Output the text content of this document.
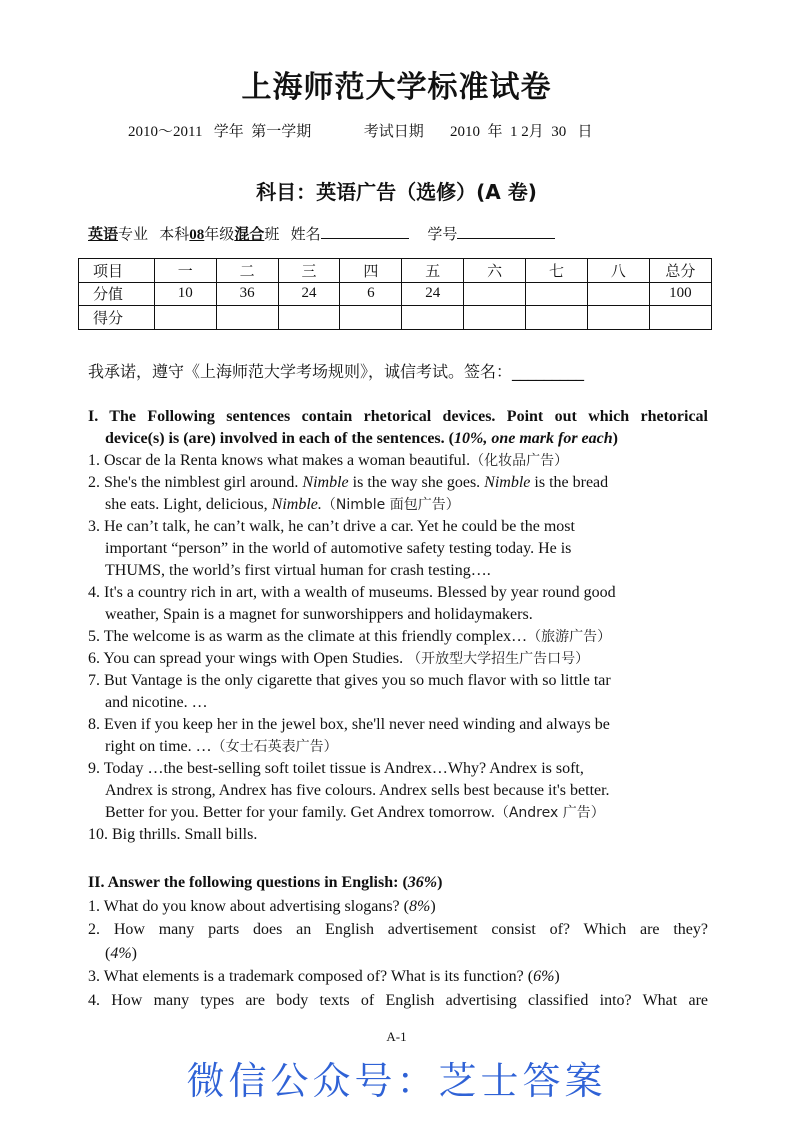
上海师范大学标准试卷
2010～2011   学年  第一学期              考试日期       2010  年  1 2月  30   日
科目：英语广告（选修）(A 卷)
英语专业 本科08年级混合班 姓名	学号
项目	一	二	三	四	五	六	七	八	总分
分值	10	36	24	6	24				100
得分									
我承诺，遵守《上海师范大学考场规则》，诚信考试。签名：_________
I. The Following sentences contain rhetorical devices. Point out which rhetorical
device(s) is (are) involved in each of the sentences. (10%, one mark for each)
1. Oscar de la Renta knows what makes a woman beautiful.（化妆品广告）
2. She's the nimblest girl around. Nimble is the way she goes. Nimble is the bread
she eats. Light, delicious, Nimble.（Nimble 面包广告）
3. He can’t talk, he can’t walk, he can’t drive a car. Yet he could be the most
important “person” in the world of automotive safety testing today. He is
THUMS, the world’s first virtual human for crash testing….
4. It's a country rich in art, with a wealth of museums. Blessed by year round good
weather, Spain is a magnet for sunworshippers and holidaymakers.
5. The welcome is as warm as the climate at this friendly complex…（旅游广告）
6. You can spread your wings with Open Studies. （开放型大学招生广告口号）
7. But Vantage is the only cigarette that gives you so much flavor with so little tar
and nicotine. …
8. Even if you keep her in the jewel box, she'll never need winding and always be
right on time. …（女士石英表广告）
9. Today …the best-selling soft toilet tissue is Andrex…Why? Andrex is soft,
Andrex is strong, Andrex has five colours. Andrex sells best because it's better.
Better for you. Better for your family. Get Andrex tomorrow.（Andrex 广告）
10. Big thrills. Small bills.
II. Answer the following questions in English: (36%)
1. What do you know about advertising slogans? (8%)
2. How many parts does an English advertisement consist of? Which are they?
(4%)
3. What elements is a trademark composed of? What is its function? (6%)
4. How many types are body texts of English advertising classified into? What are
A-1
微信公众号：芝士答案
